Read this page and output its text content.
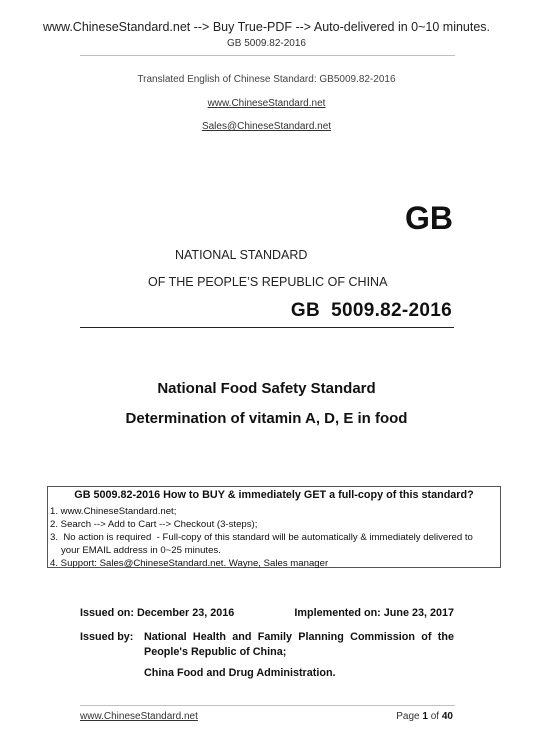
www.ChineseStandard.net --> Buy True-PDF --> Auto-delivered in 0~10 minutes.
GB 5009.82-2016
Translated English of Chinese Standard: GB5009.82-2016
www.ChineseStandard.net
Sales@ChineseStandard.net
GB
NATIONAL STANDARD
OF THE PEOPLE’S REPUBLIC OF CHINA
GB  5009.82-2016
National Food Safety Standard
Determination of vitamin A, D, E in food
GB 5009.82-2016 How to BUY & immediately GET a full-copy of this standard?
1. www.ChineseStandard.net;
2. Search --> Add to Cart --> Checkout (3-steps);
3.  No action is required  - Full-copy of this standard will be automatically & immediately delivered to
your EMAIL address in 0~25 minutes.
4. Support: Sales@ChineseStandard.net. Wayne, Sales manager
Issued on: December 23, 2016	Implemented on: June 23, 2017
Issued by: National Health and Family Planning Commission of the
People's Republic of China;
China Food and Drug Administration.
www.ChineseStandard.net	Page 1 of 40
